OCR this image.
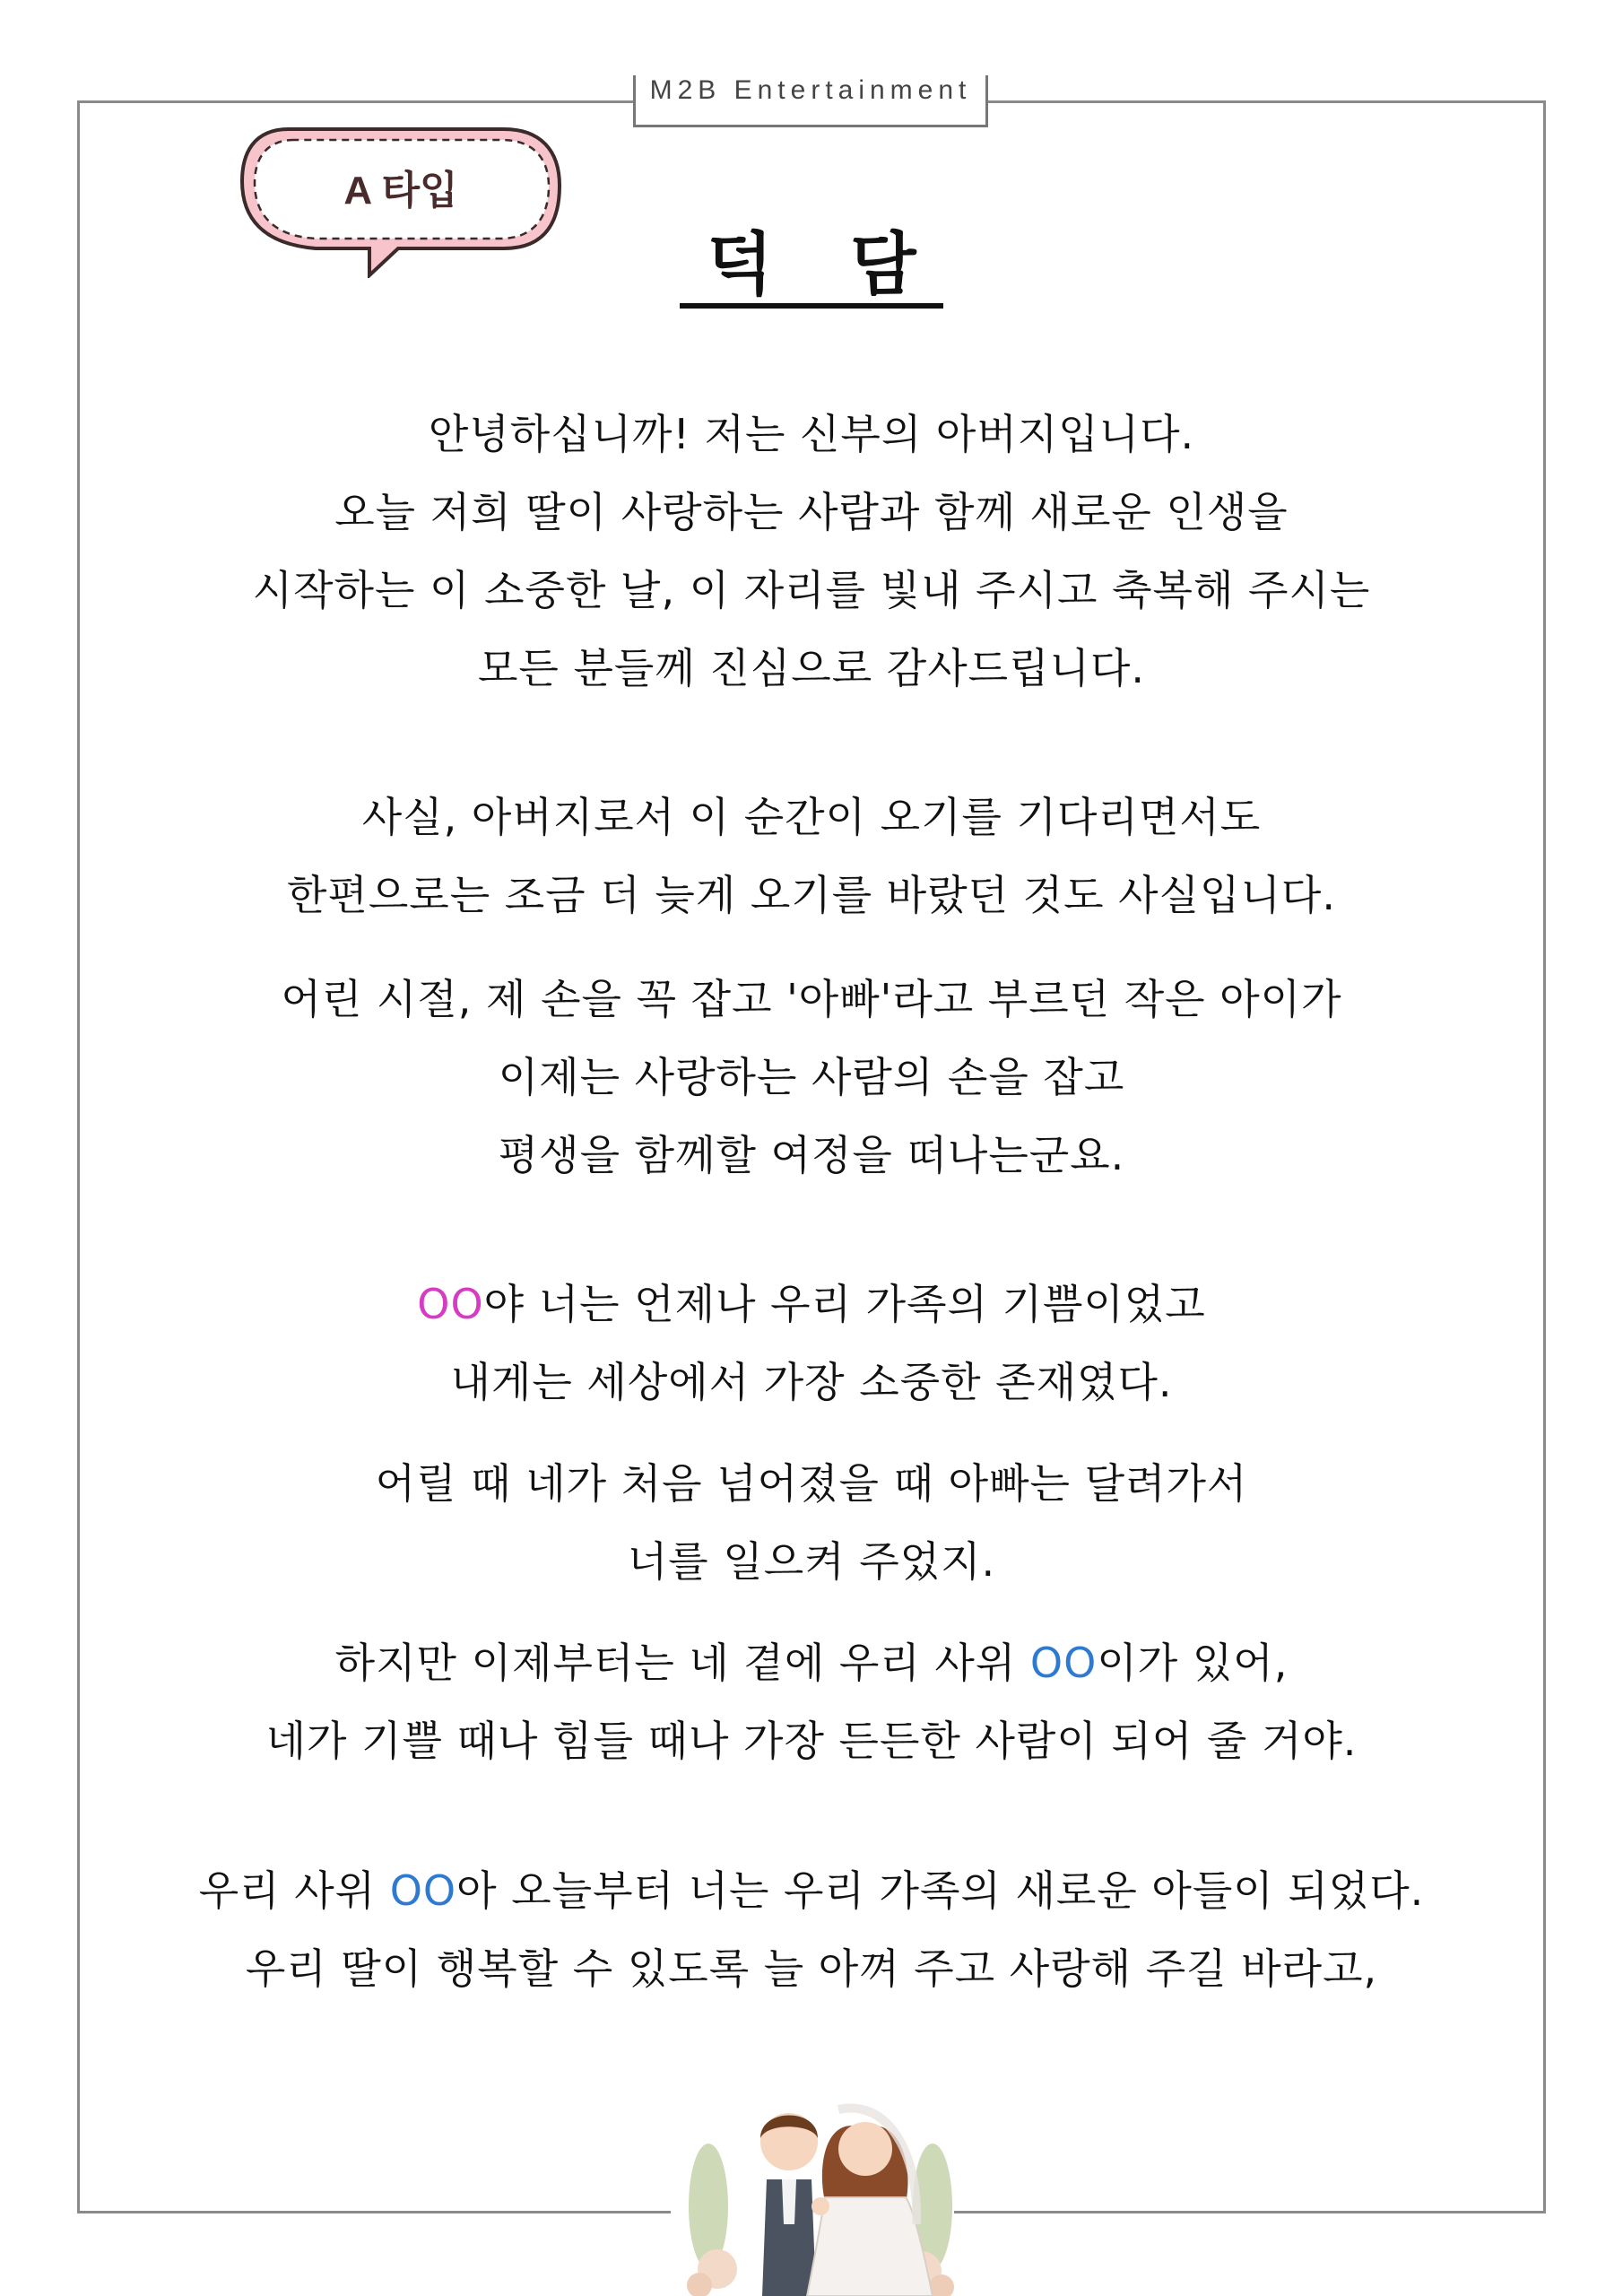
M2B Entertainment
A 타입
덕 담
안녕하십니까! 저는 신부의 아버지입니다.
오늘 저희 딸이 사랑하는 사람과 함께 새로운 인생을
시작하는 이 소중한 날, 이 자리를 빛내 주시고 축복해 주시는
모든 분들께 진심으로 감사드립니다.
사실, 아버지로서 이 순간이 오기를 기다리면서도
한편으로는 조금 더 늦게 오기를 바랐던 것도 사실입니다.
어린 시절, 제 손을 꼭 잡고 '아빠'라고 부르던 작은 아이가
이제는 사랑하는 사람의 손을 잡고
평생을 함께할 여정을 떠나는군요.
OO야 너는 언제나 우리 가족의 기쁨이었고
내게는 세상에서 가장 소중한 존재였다.
어릴 때 네가 처음 넘어졌을 때 아빠는 달려가서
너를 일으켜 주었지.
하지만 이제부터는 네 곁에 우리 사위 OO이가 있어,
네가 기쁠 때나 힘들 때나 가장 든든한 사람이 되어 줄 거야.
우리 사위 OO아 오늘부터 너는 우리 가족의 새로운 아들이 되었다.
우리 딸이 행복할 수 있도록 늘 아껴 주고 사랑해 주길 바라고,
